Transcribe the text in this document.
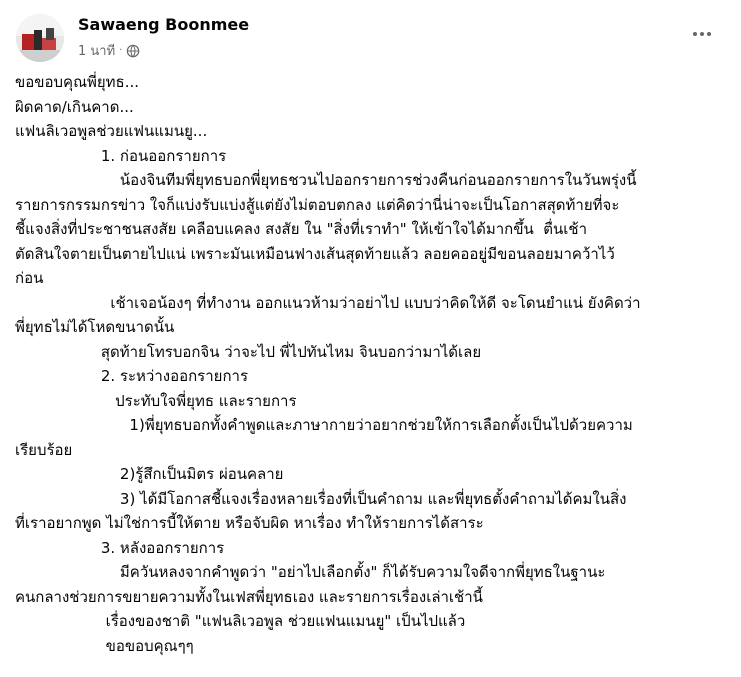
Sawaeng Boonmee
1 นาที ·
ขอขอบคุณพี่ยุทธ...
ผิดคาด/เกินคาด...
แฟนลิเวอพูลช่วยแฟนแมนยู...
1. ก่อนออกรายการ
น้องจินทีมพี่ยุทธบอกพี่ยุทธชวนไปออกรายการช่วงคืนก่อนออกรายการในวันพรุ่งนี้
รายการกรรมกรข่าว ใจก็แบ่งรับแบ่งสู้แต่ยังไม่ตอบตกลง แต่คิดว่านี่น่าจะเป็นโอกาสสุดท้ายที่จะ
ชี้แจงสิ่งที่ประชาชนสงสัย เคลือบแคลง สงสัย ใน "สิ่งที่เราทำ" ให้เข้าใจได้มากขึ้น  ตื่นเช้า
ตัดสินใจตายเป็นตายไปแน่ เพราะมันเหมือนฟางเส้นสุดท้ายแล้ว ลอยคออยู่มีขอนลอยมาคว้าไว้
ก่อน
เช้าเจอน้องๆ ที่ทำงาน ออกแนวห้ามว่าอย่าไป แบบว่าคิดให้ดี จะโดนยำแน่ ยังคิดว่า
พี่ยุทธไม่ได้โหดขนาดนั้น
สุดท้ายโทรบอกจิน ว่าจะไป พี่ไปทันไหม จินบอกว่ามาได้เลย
2. ระหว่างออกรายการ
ประทับใจพี่ยุทธ และรายการ
1)พี่ยุทธบอกทั้งคำพูดและภาษากายว่าอยากช่วยให้การเลือกตั้งเป็นไปด้วยความ
เรียบร้อย
2)รู้สึกเป็นมิตร ผ่อนคลาย
3) ได้มีโอกาสชี้แจงเรื่องหลายเรื่องที่เป็นคำถาม และพี่ยุทธตั้งคำถามได้คมในสิ่ง
ที่เราอยากพูด ไม่ใช่การบี้ให้ตาย หรือจับผิด หาเรื่อง ทำให้รายการได้สาระ
3. หลังออกรายการ
มีควันหลงจากคำพูดว่า "อย่าไปเลือกตั้ง" ก็ได้รับความใจดีจากพี่ยุทธในฐานะ
คนกลางช่วยการขยายความทั้งในเฟสพี่ยุทธเอง และรายการเรื่องเล่าเช้านี้
เรื่องของชาติ "แฟนลิเวอพูล ช่วยแฟนแมนยู" เป็นไปแล้ว
ขอขอบคุณๆๆ
